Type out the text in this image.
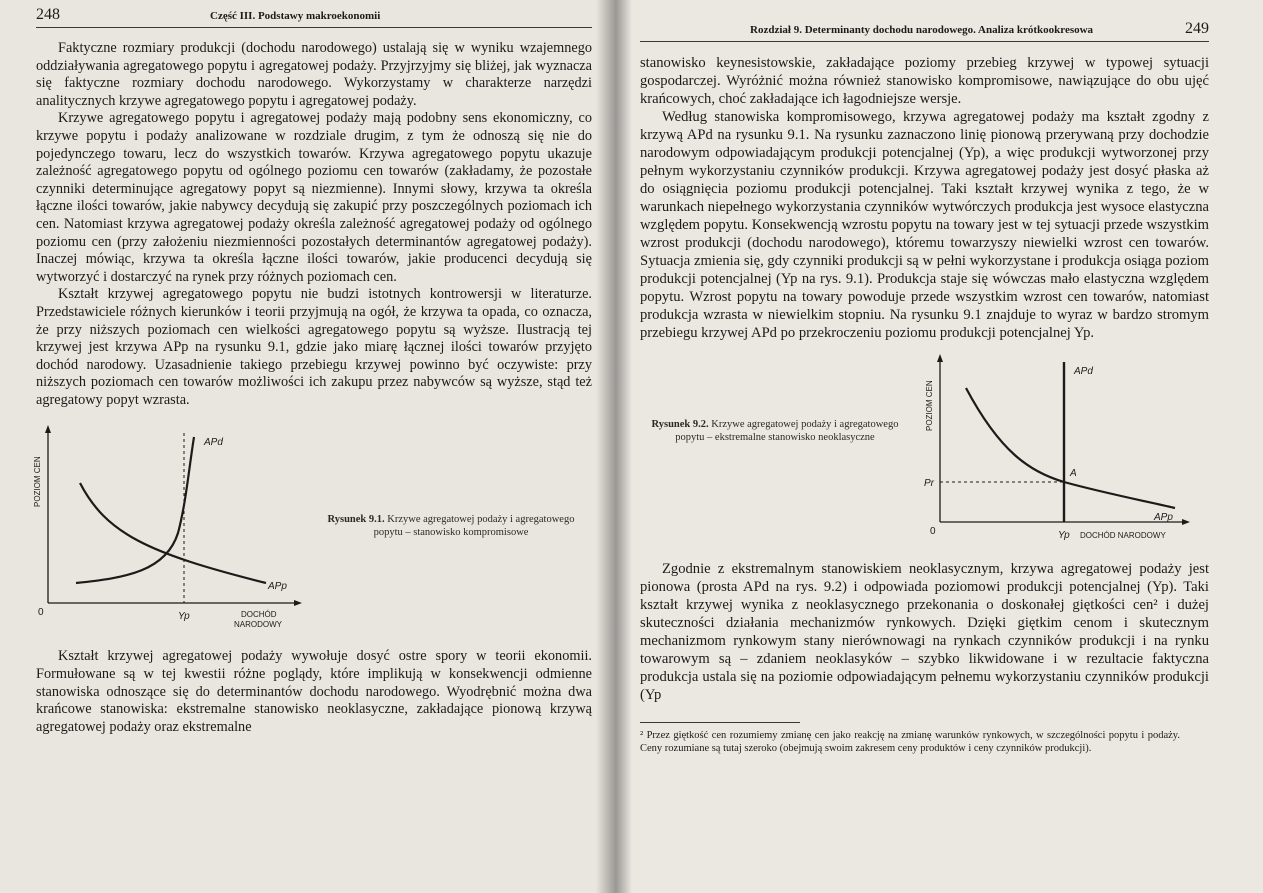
248	Część III. Podstawy makroekonomii

Faktyczne rozmiary produkcji (dochodu narodowego) ustalają się w wyniku wzajemnego oddziaływania agregatowego popytu i agregatowej podaży. Przyjrzyjmy się bliżej, jak wyznacza się faktyczne rozmiary dochodu narodowego. Wykorzystamy w charakterze narzędzi analitycznych krzywe agregatowego popytu i agregatowej podaży.

Krzywe agregatowego popytu i agregatowej podaży mają podobny sens ekonomiczny, co krzywe popytu i podaży analizowane w rozdziale drugim, z tym że odnoszą się nie do pojedynczego towaru, lecz do wszystkich towarów. Krzywa agregatowego popytu ukazuje zależność agregatowego popytu od ogólnego poziomu cen towarów (zakładamy, że pozostałe czynniki determinujące agregatowy popyt są niezmienne). Innymi słowy, krzywa ta określa łączne ilości towarów, jakie nabywcy decydują się zakupić przy poszczególnych poziomach ich cen. Natomiast krzywa agregatowej podaży określa zależność agregatowej podaży od ogólnego poziomu cen (przy założeniu niezmienności pozostałych determinantów agregatowej podaży). Inaczej mówiąc, krzywa ta określa łączne ilości towarów, jakie producenci decydują się wytworzyć i dostarczyć na rynek przy różnych poziomach cen.

Kształt krzywej agregatowego popytu nie budzi istotnych kontrowersji w literaturze. Przedstawiciele różnych kierunków i teorii przyjmują na ogół, że krzywa ta opada, co oznacza, że przy niższych poziomach cen wielkości agregatowego popytu są wyższe. Ilustracją tej krzywej jest krzywa APp na rysunku 9.1, gdzie jako miarę łącznej ilości towarów przyjęto dochód narodowy. Uzasadnienie takiego przebiegu krzywej powinno być oczywiste: przy niższych poziomach cen towarów możliwości ich zakupu przez nabywców są wyższe, stąd też agregatowy popyt wzrasta.

POZIOM CEN
0
APd
APp
Yp	DOCHÓD
NARODOWY
Rysunek 9.1. Krzywe agregatowej podaży i agregatowego popytu – stanowisko kompromisowe

Kształt krzywej agregatowej podaży wywołuje dosyć ostre spory w teorii ekonomii. Formułowane są w tej kwestii różne poglądy, które implikują w konsekwencji odmienne stanowiska odnoszące się do determinantów dochodu narodowego. Wyodrębnić można dwa krańcowe stanowiska: ekstremalne stanowisko neoklasyczne, zakładające pionową krzywą agregatowej podaży oraz ekstremalne

Rozdział 9. Determinanty dochodu narodowego. Analiza krótkookresowa	249

stanowisko keynesistowskie, zakładające poziomy przebieg krzywej w typowej sytuacji gospodarczej. Wyróżnić można również stanowisko kompromisowe, nawiązujące do obu ujęć krańcowych, choć zakładające ich łagodniejsze wersje.

Według stanowiska kompromisowego, krzywa agregatowej podaży ma kształt zgodny z krzywą APd na rysunku 9.1. Na rysunku zaznaczono linię pionową przerywaną przy dochodzie narodowym odpowiadającym produkcji potencjalnej (Yp), a więc produkcji wytworzonej przy pełnym wykorzystaniu czynników produkcji. Krzywa agregatowej podaży jest dosyć płaska aż do osiągnięcia poziomu produkcji potencjalnej. Taki kształt krzywej wynika z tego, że w warunkach niepełnego wykorzystania czynników wytwórczych produkcja jest wysoce elastyczna względem popytu. Konsekwencją wzrostu popytu na towary jest w tej sytuacji przede wszystkim wzrost produkcji (dochodu narodowego), któremu towarzyszy niewielki wzrost cen towarów. Sytuacja zmienia się, gdy czynniki produkcji są w pełni wykorzystane i produkcja osiąga poziom produkcji potencjalnej (Yp na rys. 9.1). Produkcja staje się wówczas mało elastyczna względem popytu. Wzrost popytu na towary powoduje przede wszystkim wzrost cen towarów, natomiast produkcja wzrasta w niewielkim stopniu. Na rysunku 9.1 znajduje to wyraz w bardzo stromym przebiegu krzywej APd po przekroczeniu poziomu produkcji potencjalnej Yp.

Rysunek 9.2. Krzywe agregatowej podaży i agregatowego popytu – ekstremalne stanowisko neoklasyczne
POZIOM CEN
0
APd
A
Pr
APp
Yp DOCHÓD NARODOWY

Zgodnie z ekstremalnym stanowiskiem neoklasycznym, krzywa agregatowej podaży jest pionowa (prosta APd na rys. 9.2) i odpowiada poziomowi produkcji potencjalnej (Yp). Taki kształt krzywej wynika z neoklasycznego przekonania o doskonałej giętkości cen² i dużej skuteczności działania mechanizmów rynkowych. Dzięki giętkim cenom i skutecznym mechanizmom rynkowym stany nierównowagi na rynkach czynników produkcji i na rynku towarowym są – zdaniem neoklasyków – szybko likwidowane i w rezultacie faktyczna produkcja ustala się na poziomie odpowiadającym pełnemu wykorzystaniu czynników produkcji (Yp

² Przez giętkość cen rozumiemy zmianę cen jako reakcję na zmianę warunków rynkowych, w szczególności popytu i podaży. Ceny rozumiane są tutaj szeroko (obejmują swoim zakresem ceny produktów i ceny czynników produkcji).
